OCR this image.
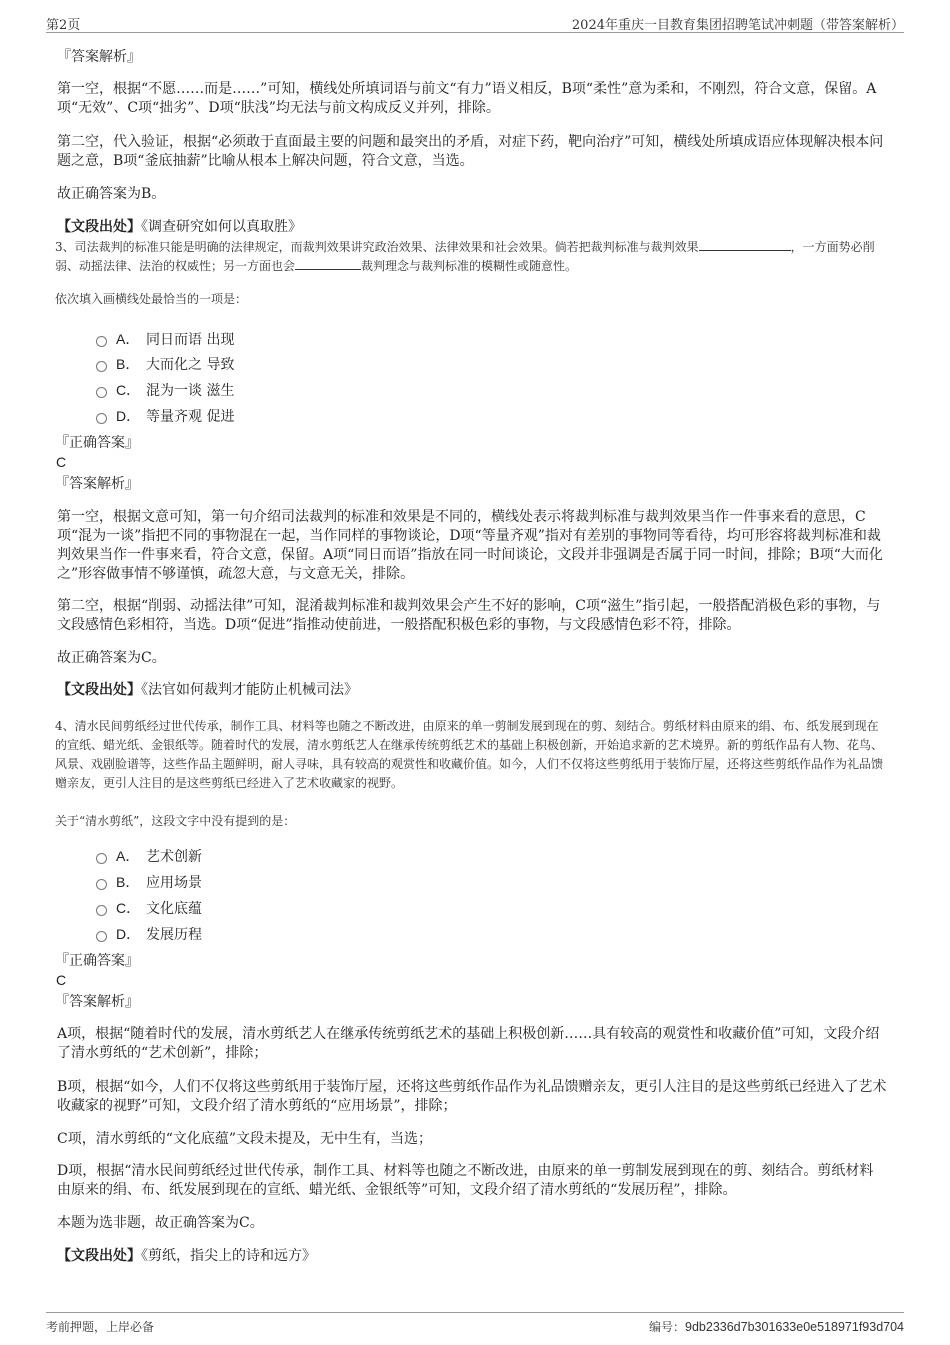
第2页	2024年重庆一目教育集团招聘笔试冲刺题（带答案解析）
『答案解析』
第一空，根据“不愿……而是……”可知，横线处所填词语与前文“有力”语义相反，B项“柔性”意为柔和，不刚烈，符合文意，保留。A项“无效”、C项“拙劣”、D项“肤浅”均无法与前文构成反义并列，排除。
第二空，代入验证，根据“必须敢于直面最主要的问题和最突出的矛盾，对症下药，靶向治疗”可知，横线处所填成语应体现解决根本问题之意，B项“釜底抽薪”比喻从根本上解决问题，符合文意，当选。
故正确答案为B。
【文段出处】《调查研究如何以真取胜》
3、司法裁判的标准只能是明确的法律规定，而裁判效果讲究政治效果、法律效果和社会效果。倘若把裁判标准与裁判效果	，一方面势必削弱、动摇法律、法治的权威性；另一方面也会	裁判理念与裁判标准的模糊性或随意性。
依次填入画横线处最恰当的一项是：
A． 同日而语 出现
B． 大而化之 导致
C． 混为一谈 滋生
D． 等量齐观 促进
『正确答案』
C
『答案解析』
第一空，根据文意可知，第一句介绍司法裁判的标准和效果是不同的，横线处表示将裁判标准与裁判效果当作一件事来看的意思，C项“混为一谈”指把不同的事物混在一起，当作同样的事物谈论，D项“等量齐观”指对有差别的事物同等看待，均可形容将裁判标准和裁判效果当作一件事来看，符合文意，保留。A项“同日而语”指放在同一时间谈论，文段并非强调是否属于同一时间，排除；B项“大而化之”形容做事情不够谨慎，疏忽大意，与文意无关，排除。
第二空，根据“削弱、动摇法律”可知，混淆裁判标准和裁判效果会产生不好的影响，C项“滋生”指引起，一般搭配消极色彩的事物，与文段感情色彩相符，当选。D项“促进”指推动使前进，一般搭配积极色彩的事物，与文段感情色彩不符，排除。
故正确答案为C。
【文段出处】《法官如何裁判才能防止机械司法》
4、清水民间剪纸经过世代传承，制作工具、材料等也随之不断改进，由原来的单一剪制发展到现在的剪、刻结合。剪纸材料由原来的绢、布、纸发展到现在的宣纸、蜡光纸、金银纸等。随着时代的发展，清水剪纸艺人在继承传统剪纸艺术的基础上积极创新，开始追求新的艺术境界。新的剪纸作品有人物、花鸟、风景、戏剧脸谱等，这些作品主题鲜明，耐人寻味，具有较高的观赏性和收藏价值。如今，人们不仅将这些剪纸用于装饰厅屋，还将这些剪纸作品作为礼品馈赠亲友，更引人注目的是这些剪纸已经进入了艺术收藏家的视野。
关于“清水剪纸”，这段文字中没有提到的是：
A． 艺术创新
B． 应用场景
C． 文化底蕴
D． 发展历程
『正确答案』
C
『答案解析』
A项，根据“随着时代的发展，清水剪纸艺人在继承传统剪纸艺术的基础上积极创新……具有较高的观赏性和收藏价值”可知，文段介绍了清水剪纸的“艺术创新”，排除；
B项，根据“如今，人们不仅将这些剪纸用于装饰厅屋，还将这些剪纸作品作为礼品馈赠亲友，更引人注目的是这些剪纸已经进入了艺术收藏家的视野”可知，文段介绍了清水剪纸的“应用场景”，排除；
C项，清水剪纸的“文化底蕴”文段未提及，无中生有，当选；
D项，根据“清水民间剪纸经过世代传承，制作工具、材料等也随之不断改进，由原来的单一剪制发展到现在的剪、刻结合。剪纸材料由原来的绢、布、纸发展到现在的宣纸、蜡光纸、金银纸等”可知，文段介绍了清水剪纸的“发展历程”，排除。
本题为选非题，故正确答案为C。
【文段出处】《剪纸，指尖上的诗和远方》
考前押题，上岸必备	编号：9db2336d7b301633e0e518971f93d704
